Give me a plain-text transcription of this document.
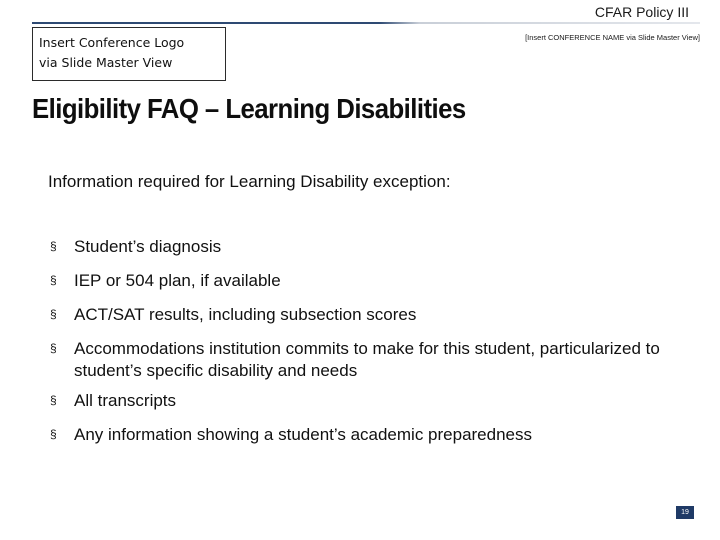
CFAR Policy III
Insert Conference Logo
via Slide Master View
[Insert CONFERENCE NAME via Slide Master View]
Eligibility FAQ – Learning Disabilities
Information required for Learning Disability exception:
§	Student’s diagnosis
§	IEP or 504 plan, if available
§	ACT/SAT results, including subsection scores
§	Accommodations institution commits to make for this student, particularized to student’s specific disability and needs
§	All transcripts
§	Any information showing a student’s academic preparedness
19
